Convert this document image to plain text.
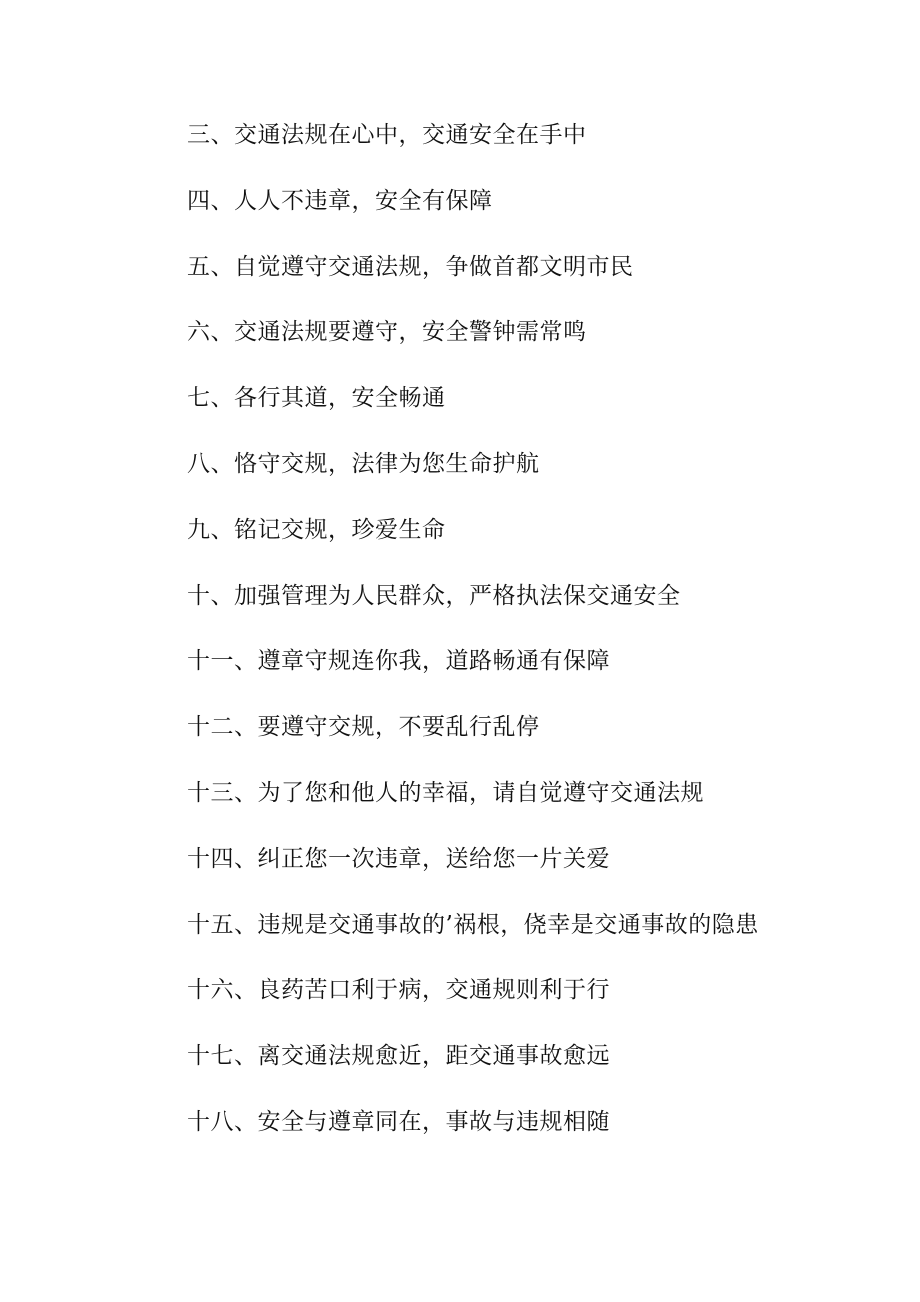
三、交通法规在心中，交通安全在手中
四、人人不违章，安全有保障
五、自觉遵守交通法规，争做首都文明市民
六、交通法规要遵守，安全警钟需常鸣
七、各行其道，安全畅通
八、恪守交规，法律为您生命护航
九、铭记交规，珍爱生命
十、加强管理为人民群众，严格执法保交通安全
十一、遵章守规连你我，道路畅通有保障
十二、要遵守交规，不要乱行乱停
十三、为了您和他人的幸福，请自觉遵守交通法规
十四、纠正您一次违章，送给您一片关爱
十五、违规是交通事故的’祸根，侥幸是交通事故的隐患
十六、良药苦口利于病，交通规则利于行
十七、离交通法规愈近，距交通事故愈远
十八、安全与遵章同在，事故与违规相随
